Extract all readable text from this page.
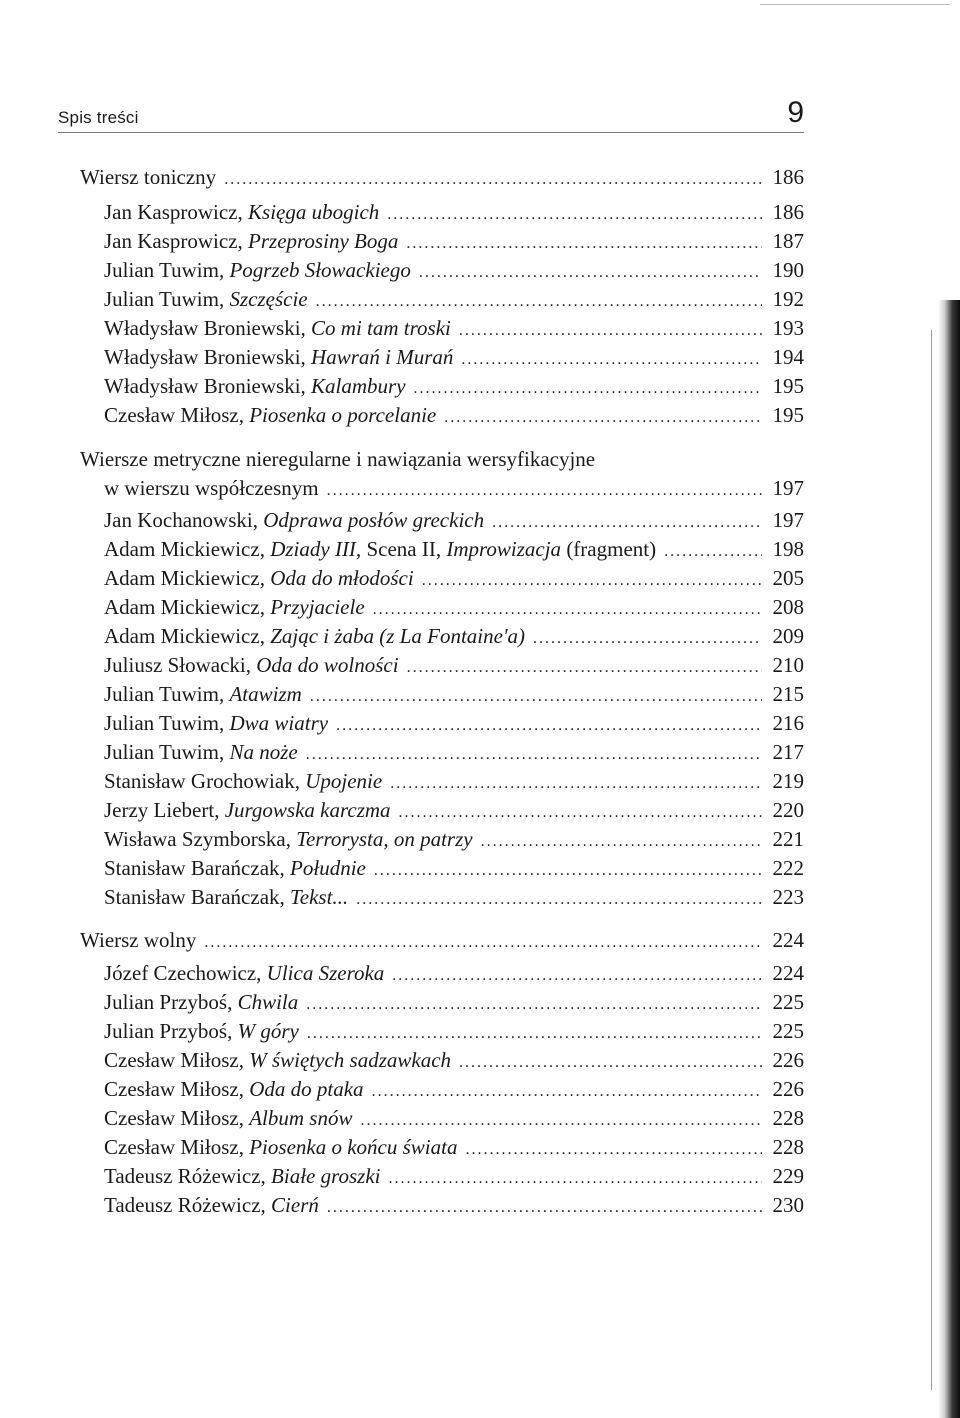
Spis treści	9
Wiersz toniczny .....	186
Jan Kasprowicz, Księga ubogich .....	186
Jan Kasprowicz, Przeprosiny Boga .....	187
Julian Tuwim, Pogrzeb Słowackiego .....	190
Julian Tuwim, Szczęście .....	192
Władysław Broniewski, Co mi tam troski .....	193
Władysław Broniewski, Hawrań i Murań .....	194
Władysław Broniewski, Kalambury .....	195
Czesław Miłosz, Piosenka o porcelanie .....	195
Wiersze metryczne nieregularne i nawiązania wersyfikacyjne
w wierszu współczesnym .....	197
Jan Kochanowski, Odprawa posłów greckich .....	197
Adam Mickiewicz, Dziady III, Scena II, Improwizacja (fragment) .....	198
Adam Mickiewicz, Oda do młodości .....	205
Adam Mickiewicz, Przyjaciele .....	208
Adam Mickiewicz, Zając i żaba (z La Fontaine'a) .....	209
Juliusz Słowacki, Oda do wolności .....	210
Julian Tuwim, Atawizm .....	215
Julian Tuwim, Dwa wiatry .....	216
Julian Tuwim, Na noże .....	217
Stanisław Grochowiak, Upojenie .....	219
Jerzy Liebert, Jurgowska karczma .....	220
Wisława Szymborska, Terrorysta, on patrzy .....	221
Stanisław Barańczak, Południe .....	222
Stanisław Barańczak, Tekst... .....	223
Wiersz wolny .....	224
Józef Czechowicz, Ulica Szeroka .....	224
Julian Przyboś, Chwila .....	225
Julian Przyboś, W góry .....	225
Czesław Miłosz, W świętych sadzawkach .....	226
Czesław Miłosz, Oda do ptaka .....	226
Czesław Miłosz, Album snów .....	228
Czesław Miłosz, Piosenka o końcu świata .....	228
Tadeusz Różewicz, Białe groszki .....	229
Tadeusz Różewicz, Cierń .....	230
